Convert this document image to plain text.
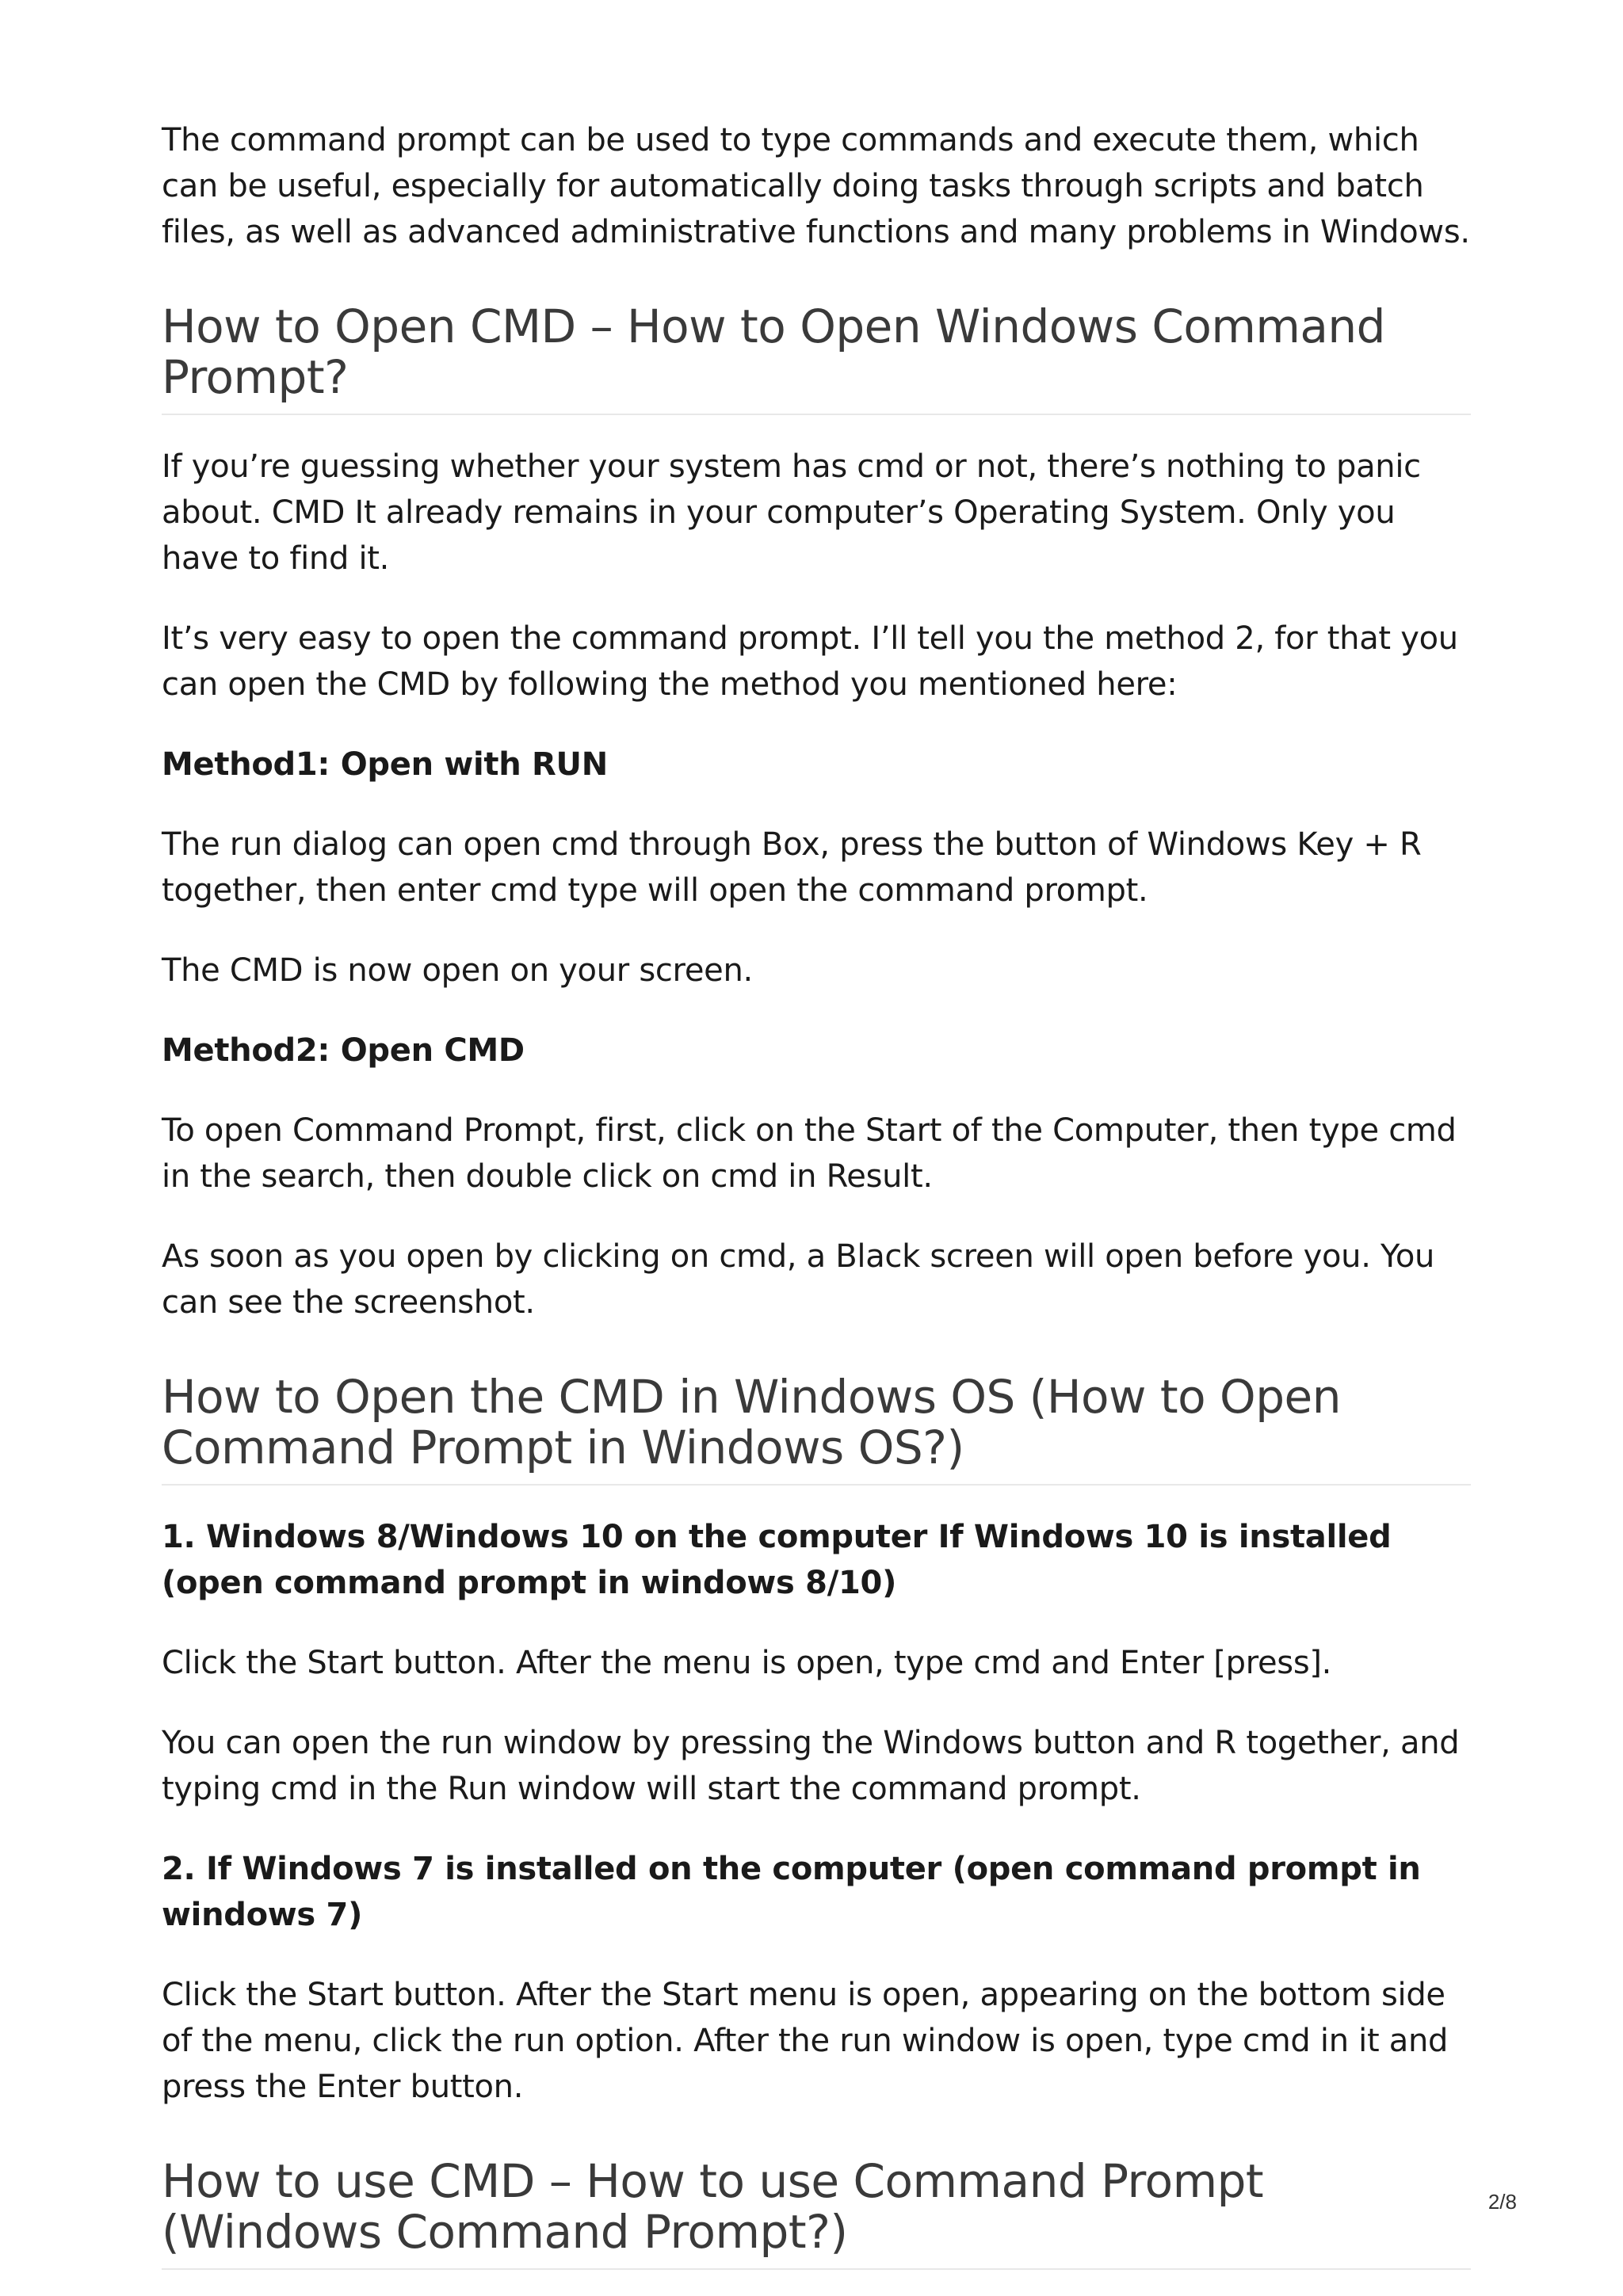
The command prompt can be used to type commands and execute them, which can be useful, especially for automatically doing tasks through scripts and batch files, as well as advanced administrative functions and many problems in Windows.

How to Open CMD – How to Open Windows Command Prompt?

If you’re guessing whether your system has cmd or not, there’s nothing to panic about. CMD It already remains in your computer’s Operating System. Only you have to find it.

It’s very easy to open the command prompt. I’ll tell you the method 2, for that you can open the CMD by following the method you mentioned here:

Method1: Open with RUN

The run dialog can open cmd through Box, press the button of Windows Key + R together, then enter cmd type will open the command prompt.

The CMD is now open on your screen.

Method2: Open CMD

To open Command Prompt, first, click on the Start of the Computer, then type cmd in the search, then double click on cmd in Result.

As soon as you open by clicking on cmd, a Black screen will open before you. You can see the screenshot.

How to Open the CMD in Windows OS (How to Open Command Prompt in Windows OS?)

1. Windows 8/Windows 10 on the computer If Windows 10 is installed (open command prompt in windows 8/10)

Click the Start button. After the menu is open, type cmd and Enter [press].

You can open the run window by pressing the Windows button and R together, and typing cmd in the Run window will start the command prompt.

2. If Windows 7 is installed on the computer (open command prompt in windows 7)

Click the Start button. After the Start menu is open, appearing on the bottom side of the menu, click the run option. After the run window is open, type cmd in it and press the Enter button.

How to use CMD – How to use Command Prompt (Windows Command Prompt?)
2/8
